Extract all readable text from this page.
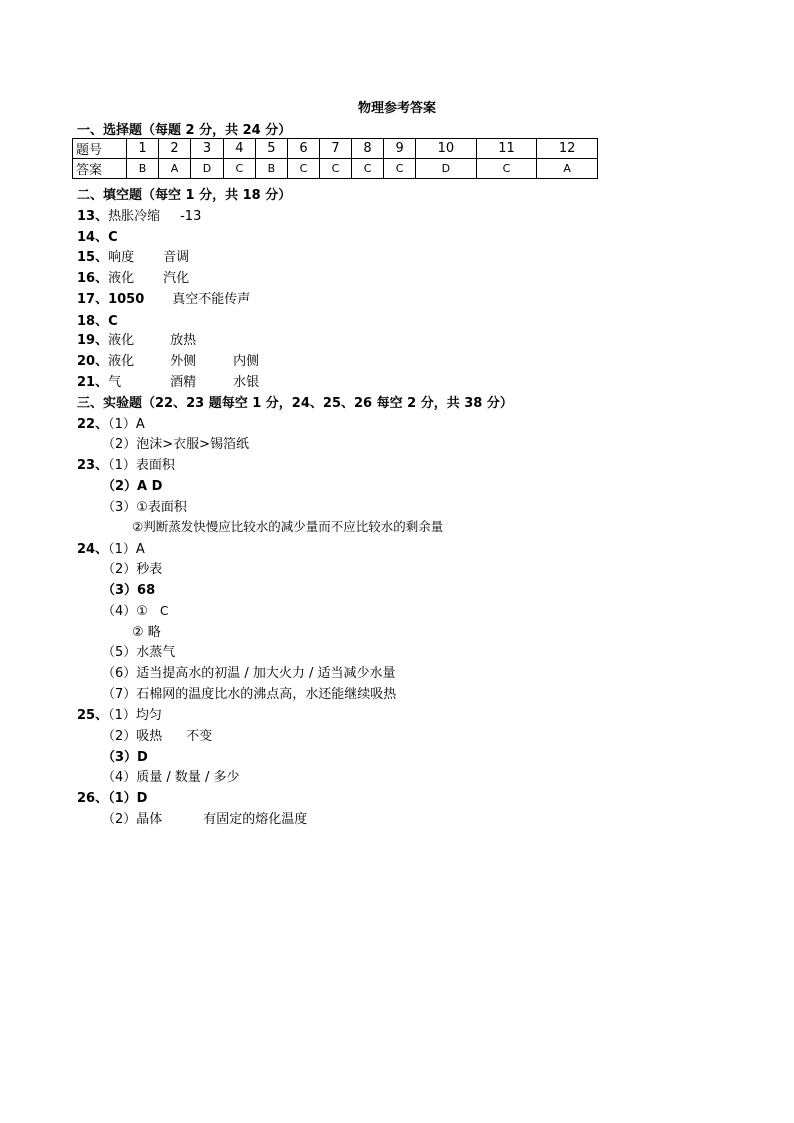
物理参考答案
一、选择题（每题 2 分，共 24 分）
题号	1	2	3	4	5	6	7	8	9	10	11	12
答案	B	A	D	C	B	C	C	C	C	D	C	A
二、填空题（每空 1 分，共 18 分）
13、热胀冷缩 -13
14、C
15、响度 音调
16、液化 汽化
17、1050 真空不能传声
18、C
19、液化	放热
20、液化	外侧	内侧
21、气	酒精	水银
三、实验题（22、23 题每空 1 分，24、25、26 每空 2 分，共 38 分）
22、（1）A
（2）泡沫>衣服>锡箔纸
23、（1）表面积
（2）A D
（3）①表面积
②判断蒸发快慢应比较水的减少量而不应比较水的剩余量
24、（1）A
（2）秒表
（3）68
（4）① C
② 略
（5）水蒸气
（6）适当提高水的初温 / 加大火力 / 适当减少水量
（7）石棉网的温度比水的沸点高，水还能继续吸热
25、（1）均匀
（2）吸热 不变
（3）D
（4）质量 / 数量 / 多少
26、（1）D
（2）晶体	有固定的熔化温度
